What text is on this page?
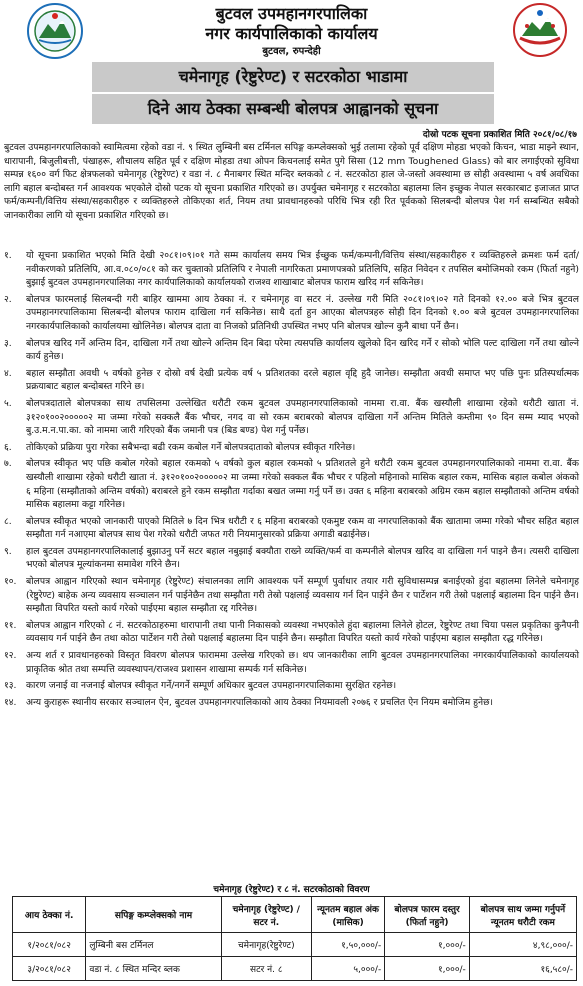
बुटवल उपमहानगरपालिका
नगर कार्यपालिकाको कार्यालय
बुटवल, रुपन्देही
चमेनागृह (रेष्टुरेण्ट) र सटरकोठा भाडामा
दिने आय ठेक्का सम्बन्धी बोलपत्र आह्वानको सूचना
दोस्रो पटक सूचना प्रकाशित मिति २०८१/०८/१७
बुटवल उपमहानगरपालिकाको स्वामित्वमा रहेको वडा नं. ९ स्थित लुम्बिनी बस टर्मिनल सपिङ्ग कम्प्लेक्सको भुई तलामा रहेको पूर्व दक्षिण मोहडा भएको किचन, भाडा माझ्ने स्थान, धारापानी, बिजुलीबत्ती, पंखाहरू, शौचालय सहित पूर्व र दक्षिण मोहडा तथा ओपन किचनलाई समेत पुगे सिसा (12 mm Toughened Glass) को बार लगाईएको सुविधा सम्पन्न १६०० वर्ग फिट क्षेत्रफलको चमेनागृह (रेष्टुरेण्ट) र वडा नं. ८ मैनाबगर स्थित मन्दिर ब्लकको ८ नं. सटरकोठा हाल जे-जस्तो अवस्थामा छ सोही अवस्थामा ५ वर्ष अवधिका लागि बहाल बन्दोबस्त गर्न आवश्यक भएकोले दोस्रो पटक यो सूचना प्रकाशित गरिएको छ। उपर्युक्त चमेनागृह र सटरकोठा बहालमा लिन इच्छुक नेपाल सरकारबाट इजाजत प्राप्त फर्म/कम्पनी/वित्तिय संस्था/सहकारीहरु र व्यक्तिहरुले तोकिएका शर्त, नियम तथा प्रावधानहरुको परिधि भित्र रही रित पूर्वकको सिलबन्दी बोलपत्र पेश गर्न सम्बन्धित सबैको जानकारीका लागि यो सूचना प्रकाशित गरिएको छ।
१.	यो सूचना प्रकाशित भएको मिति देखी २०८१।०९।०१ गते सम्म कार्यालय समय भित्र ईच्छुक फर्म/कम्पनी/वित्तिय संस्था/सहकारीहरु र व्यक्तिहरुले क्रमशः फर्म दर्ता/नवीकरणको प्रतिलिपि, आ.व.०८०/०८१ को कर चुक्ताको प्रतिलिपि र नेपाली नागरिकता प्रमाणपत्रको प्रतिलिपि, सहित निवेदन र तपसिल बमोजिमको रकम (फिर्ता नहुने) बुझाई बुटवल उपमहानगरपालिका नगर कार्यपालिकाको कार्यालयको राजश्व शाखाबाट बोलपत्र फाराम खरिद गर्न सकिनेछ।
२.	बोलपत्र फारमलाई सिलबन्दी गरी बाहिर खाममा आय ठेक्का नं. र चमेनागृह वा सटर नं. उल्लेख गरी मिति २०८१।०९।०२ गते दिनको १२.०० बजे भित्र बुटवल उपमहानगरपालिकामा सिलबन्दी बोलपत्र फाराम दाखिला गर्न सकिनेछ। साथै दर्ता हुन आएका बोलपत्रहरु सोही दिन दिनको १.०० बजे बुटवल उपमहानगरपालिका नगरकार्यपालिकाको कार्यालयमा खोलिनेछ। बोलपत्र दाता वा निजको प्रतिनिधी उपस्थित नभए पनि बोलपत्र खोल्न कुनै बाधा पर्ने छैन।
३.	बोलपत्र खरिद गर्ने अन्तिम दिन, दाखिला गर्ने तथा खोल्ने अन्तिम दिन बिदा परेमा त्यसपछि कार्यालय खुलेको दिन खरिद गर्ने र सोको भोलि पल्ट दाखिला गर्ने तथा खोल्ने कार्य हुनेछ।
४.	बहाल सम्झौता अवधी ५ वर्षको हुनेछ र दोस्रो वर्ष देखी प्रत्येक वर्ष ५ प्रतिशतका दरले बहाल वृद्दि हुदै जानेछ। सम्झौता अवधी समाप्त भए पछि पुनः प्रतिस्पर्धात्मक प्रक्रयाबाट बहाल बन्दोबस्त गरिने छ।
५.	बोलपत्रदाताले बोलपत्रका साथ तपसिलमा उल्लेखित धरौटी रकम बुटवल उपमहानगरपालिकाको नाममा रा.वा. बैंक खस्यौली शाखामा रहेको धरौटी खाता नं. ३१२०१००२०००००२ मा जम्मा गरेको सक्कलै बैंक भौचर, नगद वा सो रकम बराबरको बोलपत्र दाखिला गर्ने अन्तिम मितिले कम्तीमा ९० दिन सम्म म्याद भएको बु.उ.म.न.पा.का. को नाममा जारी गरिएको बैंक जमानी पत्र (बिड बण्ड) पेश गर्नु पर्नेछ।
६.	तोकिएको प्रक्रिया पुरा गरेका सबैभन्दा बढी रकम कबोल गर्ने बोलपत्रदाताको बोलपत्र स्वीकृत गरिनेछ।
७.	बोलपत्र स्वीकृत भए पछि कबोल गरेको बहाल रकमको ५ वर्षको कुल बहाल रकमको ५ प्रतिशतले हुने धरौटी रकम बुटवल उपमहानगरपालिकाको नाममा रा.वा. बैंक खस्यौली शाखामा रहेको धरौटी खाता नं. ३१२०१००२०००००२ मा जम्मा गरेको सक्कल बैंक भौचर र पहिलो महिनाको मासिक बहाल रकम, मासिक बहाल कबोल अंकको ६ महिना (सम्झौताको अन्तिम वर्षको) बराबरले हुने रकम सम्झौता गर्दाका बखत जम्मा गर्नु पर्ने छ। उक्त ६ महिना बराबरको अग्रिम रकम बहाल सम्झौताको अन्तिम वर्षको मासिक बहालमा कट्टा गरिनेछ।
८.	बोलपत्र स्वीकृत भएको जानकारी पाएको मितिले ७ दिन भित्र धरौटी र ६ महिना बराबरको एकमुष्ट रकम वा नगरपालिकाको बैंक खातामा जम्मा गरेको भौचर सहित बहाल सम्झौता गर्न नआएमा बोलपत्र साथ पेश गरेको धरौटी जफत गरी नियमानुसारको प्रक्रिया अगाडी बढाईनेछ।
९.	हाल बुटवल उपमहानगरपालिकालाई बुझाउनु पर्ने सटर बहाल नबुझाई बक्यौता राख्ने व्यक्ति/फर्म वा कम्पनीले बोलपत्र खरिद वा दाखिला गर्न पाइने छैन। त्यसरी दाखिला भएको बोलपत्र मूल्यांकनमा समावेश गरिने छैन।
१०.	बोलपत्र आह्वान गरिएको स्थान चमेनागृह (रेष्टुरेण्ट) संचालनका लागि आवश्यक पर्ने सम्पूर्ण पुर्वाधार तयार गरी सुविधासम्पन्न बनाईएको हुंदा बहालमा लिनेले चमेनागृह (रेष्टुरेण्ट) बाहेक अन्य व्यवसाय सञ्चालन गर्न पाईनेछैन तथा सम्झौता गरी तेस्रो पक्षलाई व्यवसाय गर्न दिन पाईने छैन र पार्टेशन गरी तेस्रो पक्षलाई बहालमा दिन पाईने छैन। सम्झौता विपरित यस्तो कार्य गरेको पाईएमा बहाल सम्झौता रद्द गरिनेछ।
११.	बोलपत्र आह्वान गरिएको ८ नं. सटरकोठाहरुमा धारापानी तथा पानी निकासको व्यवस्था नभएकोले हुंदा बहालमा लिनेले होटल, रेष्टुरेण्ट तथा चिया पसल प्रकृतिका कुनैपनी व्यवसाय गर्न पाईने छैन तथा कोठा पार्टेशन गरी तेस्रो पक्षलाई बहालमा दिन पाईने छैन। सम्झौता विपरित यस्तो कार्य गरेको पाईएमा बहाल सम्झौता रद्ध गरिनेछ।
१२.	अन्य शर्त र प्रावधानहरुको विस्तृत विवरण बोलपत्र फाराममा उल्लेख गरिएको छ। थप जानकारीका लागि बुटवल उपमहानगरपालिका नगरकार्यपालिकाको कार्यालयको प्राकृतिक श्रोत तथा सम्पत्ति व्यवस्थापन/राजश्व प्रशासन शाखामा सम्पर्क गर्न सकिनेछ।
१३.	कारण जनाई वा नजनाई बोलपत्र स्वीकृत गर्ने/नगर्ने सम्पूर्ण अधिकार बुटवल उपमहानगरपालिकामा सुरक्षित रहनेछ।
१४.	अन्य कुराहरू स्थानीय सरकार सञ्चालन ऐन, बुटवल उपमहानगरपालिकाको आय ठेक्का नियमावली २०७६ र प्रचलित ऐन नियम बमोजिम हुनेछ।
चमेनागृह (रेष्टुरेण्ट) र ८ नं. सटरकोठाको विवरण
आय ठेक्का नं.	सपिङ्ग कम्प्लेक्सको नाम	चमेनागृह (रेष्टुरेण्ट) / सटर नं.	न्यूनतम बहाल अंक (मासिक)	बोलपत्र फारम दस्तुर (फिर्ता नहुने)	बोलपत्र साथ जम्मा गर्नुपर्ने न्यूनतम धरौटी रकम
१/२०८१/०८२	लुम्बिनी बस टर्मिनल	चमेनागृह(रेष्टुरेण्ट)	१,५०,०००/-	१,०००/-	४,९८,०००/-
३/२०८१/०८२	वडा नं. ८ स्थित मन्दिर ब्लक	सटर नं. ८	५,०००/-	१,०००/-	१६,५८०/-
